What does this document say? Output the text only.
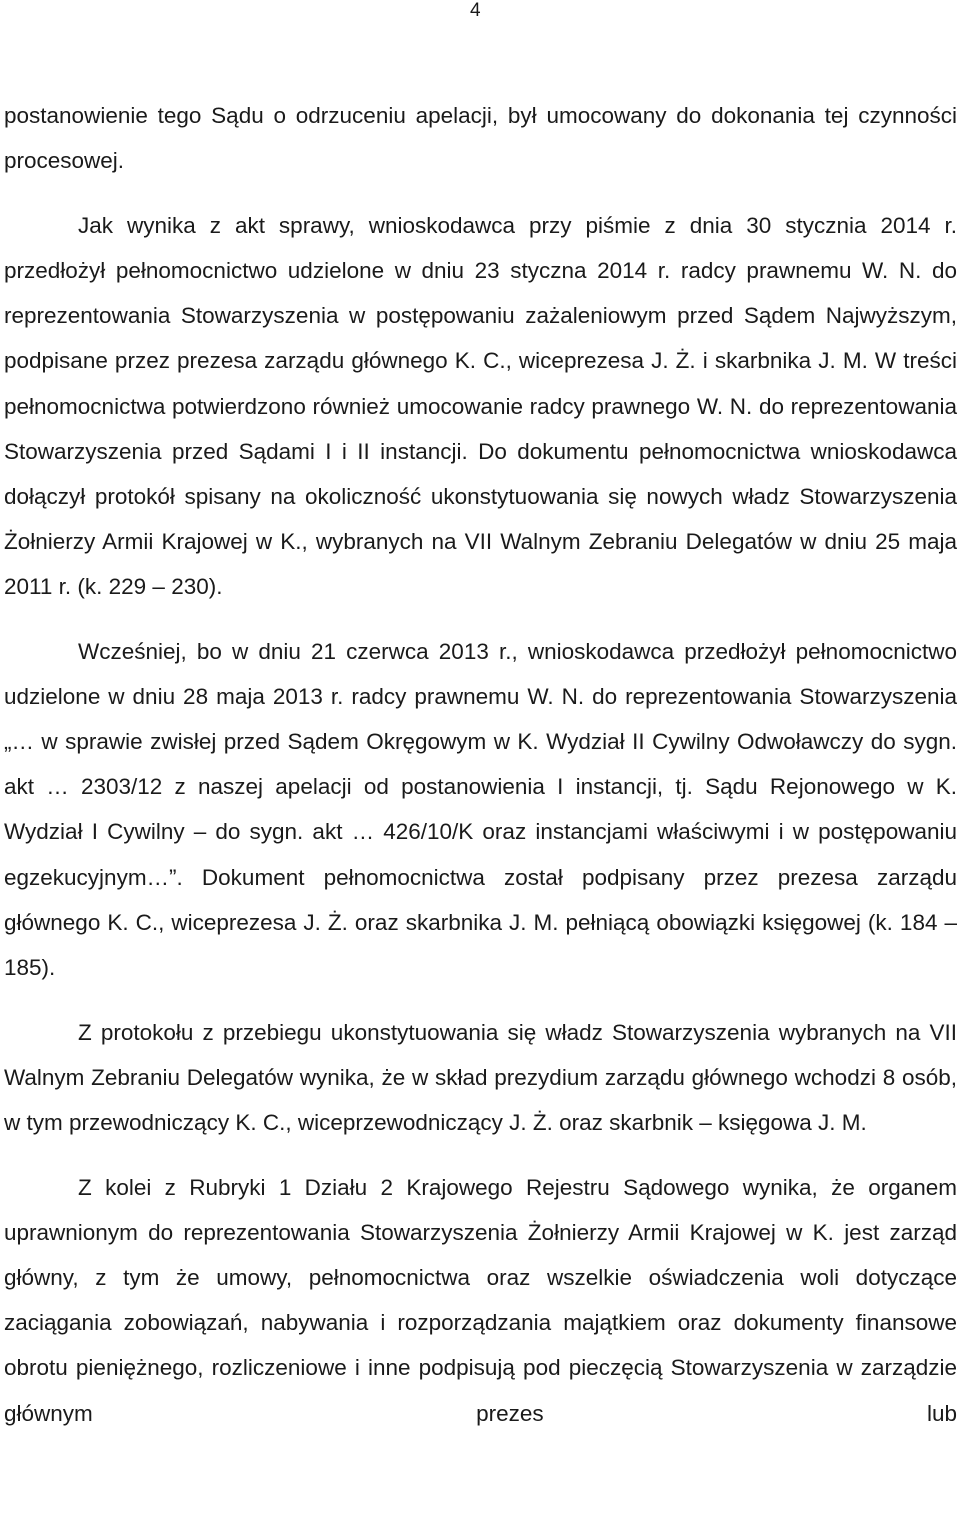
4

postanowienie tego Sądu o odrzuceniu apelacji, był umocowany do dokonania tej czynności procesowej.

Jak wynika z akt sprawy, wnioskodawca przy piśmie z dnia 30 stycznia 2014 r. przedłożył pełnomocnictwo udzielone w dniu 23 styczna 2014 r. radcy prawnemu W. N. do reprezentowania Stowarzyszenia w postępowaniu zażaleniowym przed Sądem Najwyższym, podpisane przez prezesa zarządu głównego K. C., wiceprezesa J. Ż. i skarbnika J. M. W treści pełnomocnictwa potwierdzono również umocowanie radcy prawnego W. N. do reprezentowania Stowarzyszenia przed Sądami I i II instancji. Do dokumentu pełnomocnictwa wnioskodawca dołączył protokół spisany na okoliczność ukonstytuowania się nowych władz Stowarzyszenia Żołnierzy Armii Krajowej w K., wybranych na VII Walnym Zebraniu Delegatów w dniu 25 maja 2011 r. (k. 229 – 230).

Wcześniej, bo w dniu 21 czerwca 2013 r., wnioskodawca przedłożył pełnomocnictwo udzielone w dniu 28 maja 2013 r. radcy prawnemu W. N. do reprezentowania Stowarzyszenia „… w sprawie zwisłej przed Sądem Okręgowym w K. Wydział II Cywilny Odwoławczy do sygn. akt … 2303/12 z naszej apelacji od postanowienia I instancji, tj. Sądu Rejonowego w K. Wydział I Cywilny – do sygn. akt … 426/10/K oraz instancjami właściwymi i w postępowaniu egzekucyjnym…”. Dokument pełnomocnictwa został podpisany przez prezesa zarządu głównego K. C., wiceprezesa J. Ż. oraz skarbnika J. M. pełniącą obowiązki księgowej (k. 184 – 185).

Z protokołu z przebiegu ukonstytuowania się władz Stowarzyszenia wybranych na VII Walnym Zebraniu Delegatów wynika, że w skład prezydium zarządu głównego wchodzi 8 osób, w tym przewodniczący K. C., wiceprzewodniczący J. Ż. oraz skarbnik – księgowa J. M.

Z kolei z Rubryki 1 Działu 2 Krajowego Rejestru Sądowego wynika, że organem uprawnionym do reprezentowania Stowarzyszenia Żołnierzy Armii Krajowej w K. jest zarząd główny, z tym że umowy, pełnomocnictwa oraz wszelkie oświadczenia woli dotyczące zaciągania zobowiązań, nabywania i rozporządzania majątkiem oraz dokumenty finansowe obrotu pieniężnego, rozliczeniowe i inne podpisują pod pieczęcią Stowarzyszenia w zarządzie głównym prezes lub
